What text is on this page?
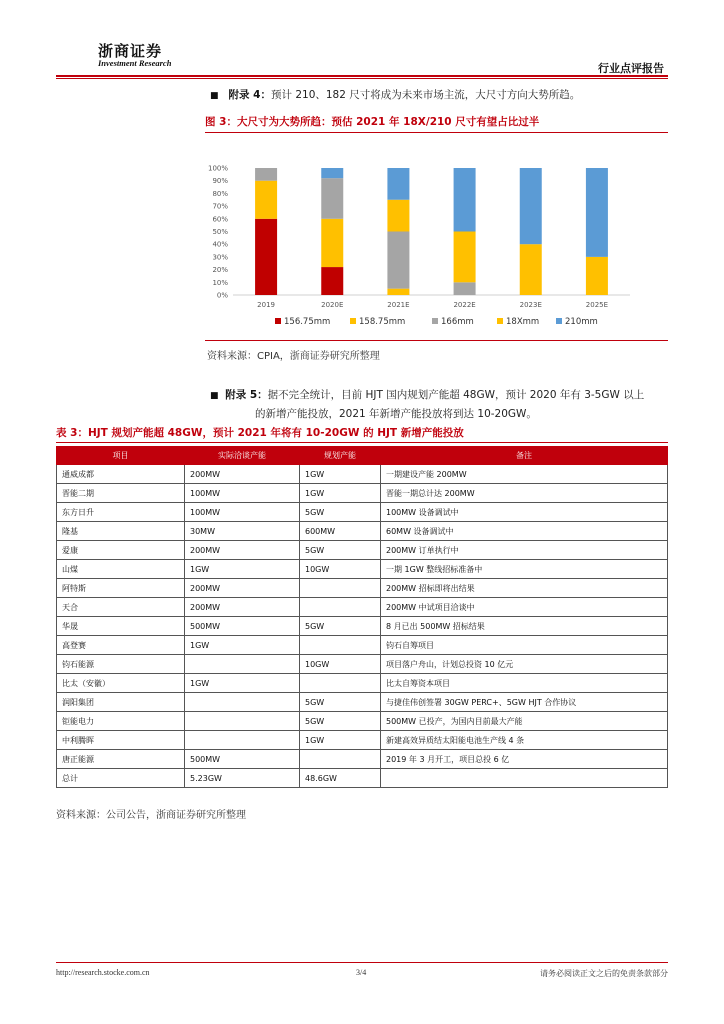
浙商证券
Investment Research	行业点评报告
■ 附录 4：预计 210、182 尺寸将成为未来市场主流，大尺寸方向大势所趋。
图 3：大尺寸为大势所趋：预估 2021 年 18X/210 尺寸有望占比过半
0%
10%
20%
30%
40%
50%
60%
70%
80%
90%
100%
2019	2020E	2021E	2022E	2023E	2025E
156.75mm	158.75mm	166mm	18Xmm	210mm
资料来源：CPIA，浙商证券研究所整理
■ 附录 5：据不完全统计，目前 HJT 国内规划产能超 48GW，预计 2020 年有 3-5GW 以上
的新增产能投放，2021 年新增产能投放将到达 10-20GW。
表 3：HJT 规划产能超 48GW，预计 2021 年将有 10-20GW 的 HJT 新增产能投放
项目	实际洽谈产能	规划产能	备注
通威成都	200MW	1GW	一期建设产能 200MW
晋能二期	100MW	1GW	晋能一期总计达 200MW
东方日升	100MW	5GW	100MW 设备调试中
隆基	30MW	600MW	60MW 设备调试中
爱康	200MW	5GW	200MW 订单执行中
山煤	1GW	10GW	一期 1GW 整线招标准备中
阿特斯	200MW		200MW 招标即将出结果
天合	200MW		200MW 中试项目洽谈中
华晟	500MW	5GW	8 月已出 500MW 招标结果
高登赛	1GW		钧石自筹项目
钧石能源		10GW	项目落户舟山，计划总投资 10 亿元
比太（安徽）	1GW		比太自筹资本项目
润阳集团		5GW	与捷佳伟创签署 30GW PERC+、5GW HJT 合作协议
钜能电力		5GW	500MW 已投产，为国内目前最大产能
中利腾晖		1GW	新建高效异质结太阳能电池生产线 4 条
唐正能源	500MW		2019 年 3 月开工，项目总投 6 亿
总计	5.23GW	48.6GW	
资料来源：公司公告，浙商证券研究所整理
http://research.stocke.com.cn	3/4	请务必阅读正文之后的免责条款部分
